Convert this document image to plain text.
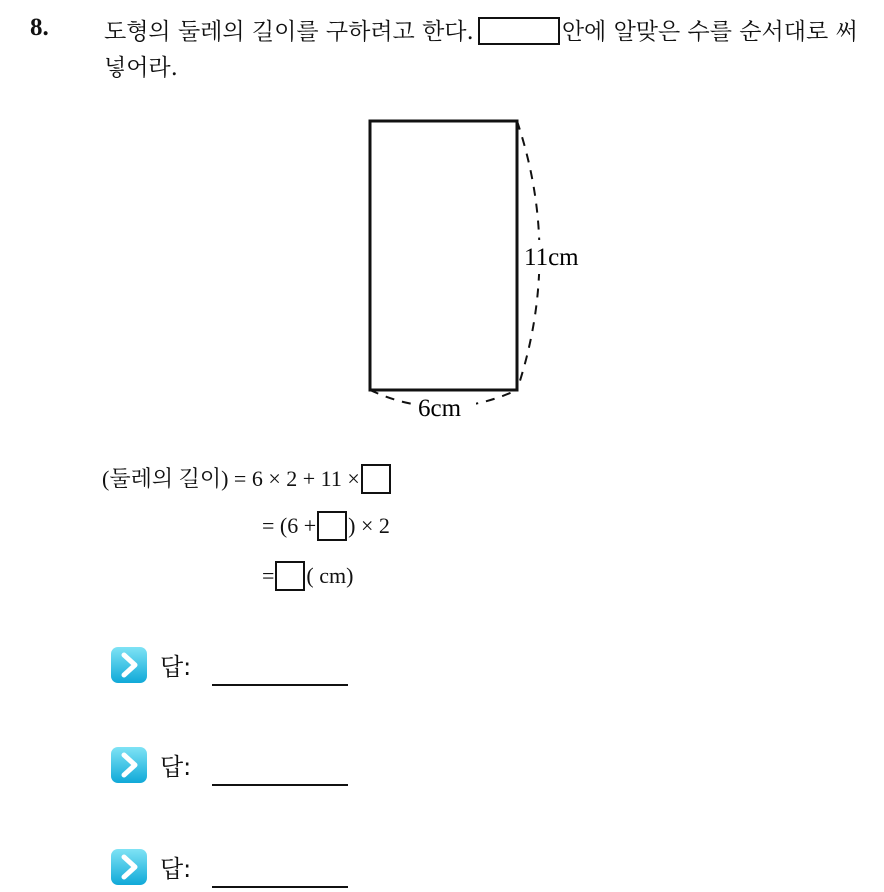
8. 도형의 둘레의 길이를 구하려고 한다.	안에 알맞은 수를 순서대로 써넣어라.
11cm
6cm
(둘레의 길이) = 6 × 2 + 11 ×
= (6 + ) × 2
= ( cm)
답:
답:
답:
